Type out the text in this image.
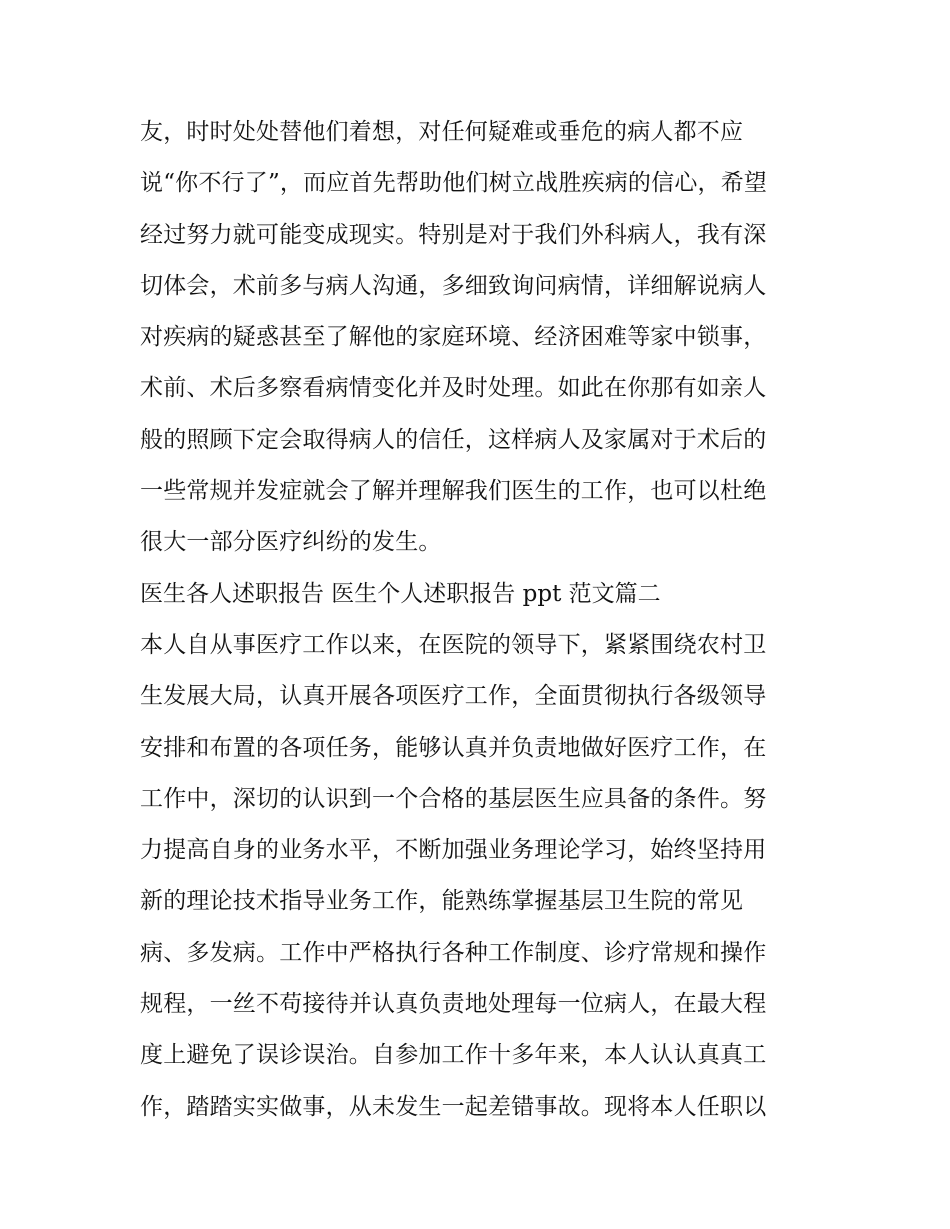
友，时时处处替他们着想，对任何疑难或垂危的病人都不应
说“你不行了”，而应首先帮助他们树立战胜疾病的信心，希望
经过努力就可能变成现实。特别是对于我们外科病人，我有深
切体会，术前多与病人沟通，多细致询问病情，详细解说病人
对疾病的疑惑甚至了解他的家庭环境、经济困难等家中锁事，
术前、术后多察看病情变化并及时处理。如此在你那有如亲人
般的照顾下定会取得病人的信任，这样病人及家属对于术后的
一些常规并发症就会了解并理解我们医生的工作，也可以杜绝
很大一部分医疗纠纷的发生。
医生各人述职报告 医生个人述职报告 ppt 范文篇二
本人自从事医疗工作以来，在医院的领导下，紧紧围绕农村卫
生发展大局，认真开展各项医疗工作，全面贯彻执行各级领导
安排和布置的各项任务，能够认真并负责地做好医疗工作，在
工作中，深切的认识到一个合格的基层医生应具备的条件。努
力提高自身的业务水平，不断加强业务理论学习，始终坚持用
新的理论技术指导业务工作，能熟练掌握基层卫生院的常见
病、多发病。工作中严格执行各种工作制度、诊疗常规和操作
规程，一丝不苟接待并认真负责地处理每一位病人，在最大程
度上避免了误诊误治。自参加工作十多年来，本人认认真真工
作，踏踏实实做事，从未发生一起差错事故。现将本人任职以
